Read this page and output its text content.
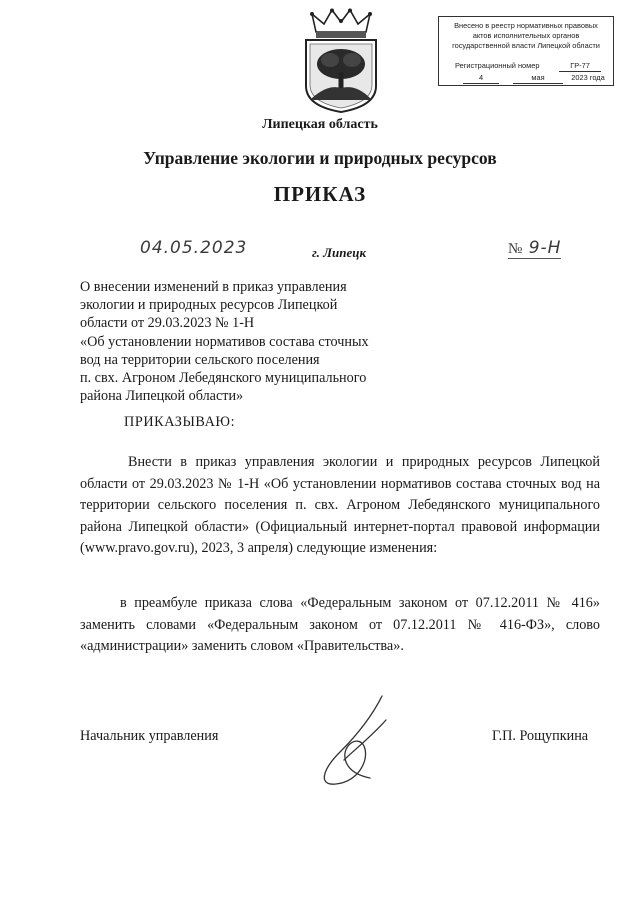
Внесено в реестр нормативных правовых
актов исполнительных органов
государственной власти Липецкой области
Регистрационный номер	ГР-77
4	мая	2023 года
Липецкая область
Управление экологии и природных ресурсов
ПРИКАЗ
04.05.2023	г. Липецк	№ 9-Н
О внесении изменений в приказ управления
экологии и природных ресурсов Липецкой
области от 29.03.2023 № 1-Н
«Об установлении нормативов состава сточных
вод на территории сельского поселения
п. свх. Агроном Лебедянского муниципального
района Липецкой области»
ПРИКАЗЫВАЮ:
Внести в приказ управления экологии и природных ресурсов Липецкой области от 29.03.2023 № 1-Н «Об установлении нормативов состава сточных вод на территории сельского поселения п. свх. Агроном Лебедянского муниципального района Липецкой области» (Официальный интернет-портал правовой информации (www.pravo.gov.ru), 2023, 3 апреля) следующие изменения:
в преамбуле приказа слова «Федеральным законом от 07.12.2011 № 416» заменить словами «Федеральным законом от 07.12.2011 № 416-ФЗ», слово «администрации» заменить словом «Правительства».
Начальник управления	Г.П. Рощупкина
